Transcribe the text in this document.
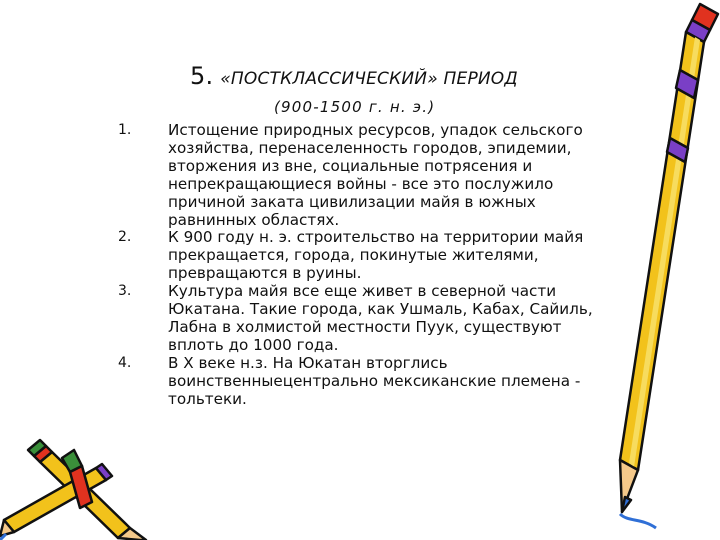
5. «ПОСТКЛАССИЧЕСКИЙ» ПЕРИОД
(900-1500 г. н. э.)
1. Истощение природных ресурсов, упадок сельского хозяйства, перенаселенность городов, эпидемии, вторжения из вне, социальные потрясения и непрекращающиеся войны - все это послужило причиной заката цивилизации майя в южных равнинных областях.
2. К 900 году н. э. строительство на территории майя прекращается, города, покинутые жителями, превращаются в руины.
3. Культура майя все еще живет в северной части Юкатана. Такие города, как Ушмаль, Кабах, Сайиль, Лабна в холмистой местности Пуук, существуют вплоть до 1000 года.
4. В X веке н.з. На Юкатан вторглись воинственныецентрально мексиканские племена - тольтеки.
